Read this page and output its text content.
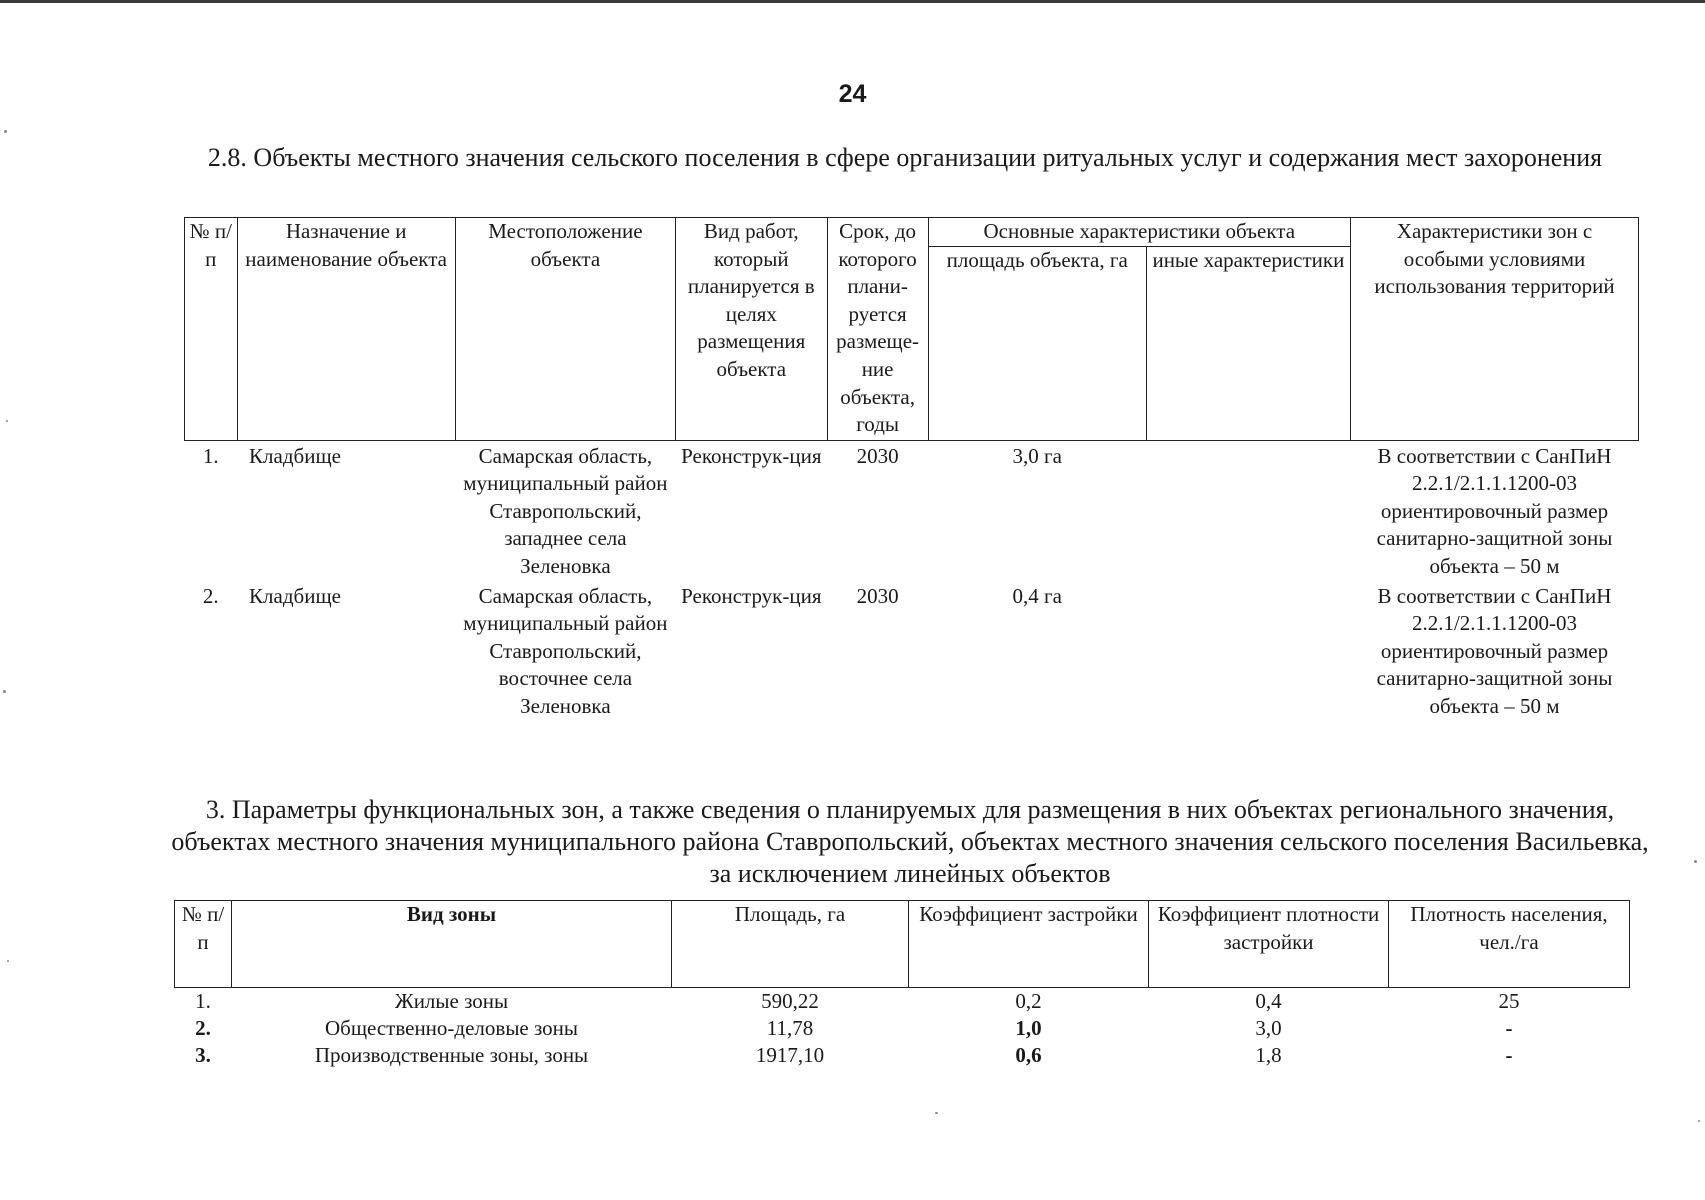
24
2.8. Объекты местного значения сельского поселения в сфере организации ритуальных услуг и содержания мест захоронения
№ п/п	Назначение и наименование объекта	Местоположение объекта	Вид работ, который планируется в целях размещения объекта	Срок, до которого плани-руется размеще-ние объекта, годы	Основные характеристики объекта		Характеристики зон с особыми условиями использования территорий
					площадь объекта, га	иные характеристики	
1.	Кладбище	Самарская область, муниципальный район Ставропольский, западнее села Зеленовка	Реконструк-ция	2030	3,0 га		В соответствии с СанПиН 2.2.1/2.1.1.1200-03 ориентировочный размер санитарно-защитной зоны объекта – 50 м
2.	Кладбище	Самарская область, муниципальный район Ставропольский, восточнее села Зеленовка	Реконструк-ция	2030	0,4 га		В соответствии с СанПиН 2.2.1/2.1.1.1200-03 ориентировочный размер санитарно-защитной зоны объекта – 50 м
3. Параметры функциональных зон, а также сведения о планируемых для размещения в них объектах регионального значения, объектах местного значения муниципального района Ставропольский, объектах местного значения сельского поселения Васильевка, за исключением линейных объектов
№ п/п	Вид зоны	Площадь, га	Коэффициент застройки	Коэффициент плотности застройки	Плотность населения, чел./га
1.	Жилые зоны	590,22	0,2	0,4	25
2.	Общественно-деловые зоны	11,78	1,0	3,0	-
3.	Производственные зоны, зоны	1917,10	0,6	1,8	-
